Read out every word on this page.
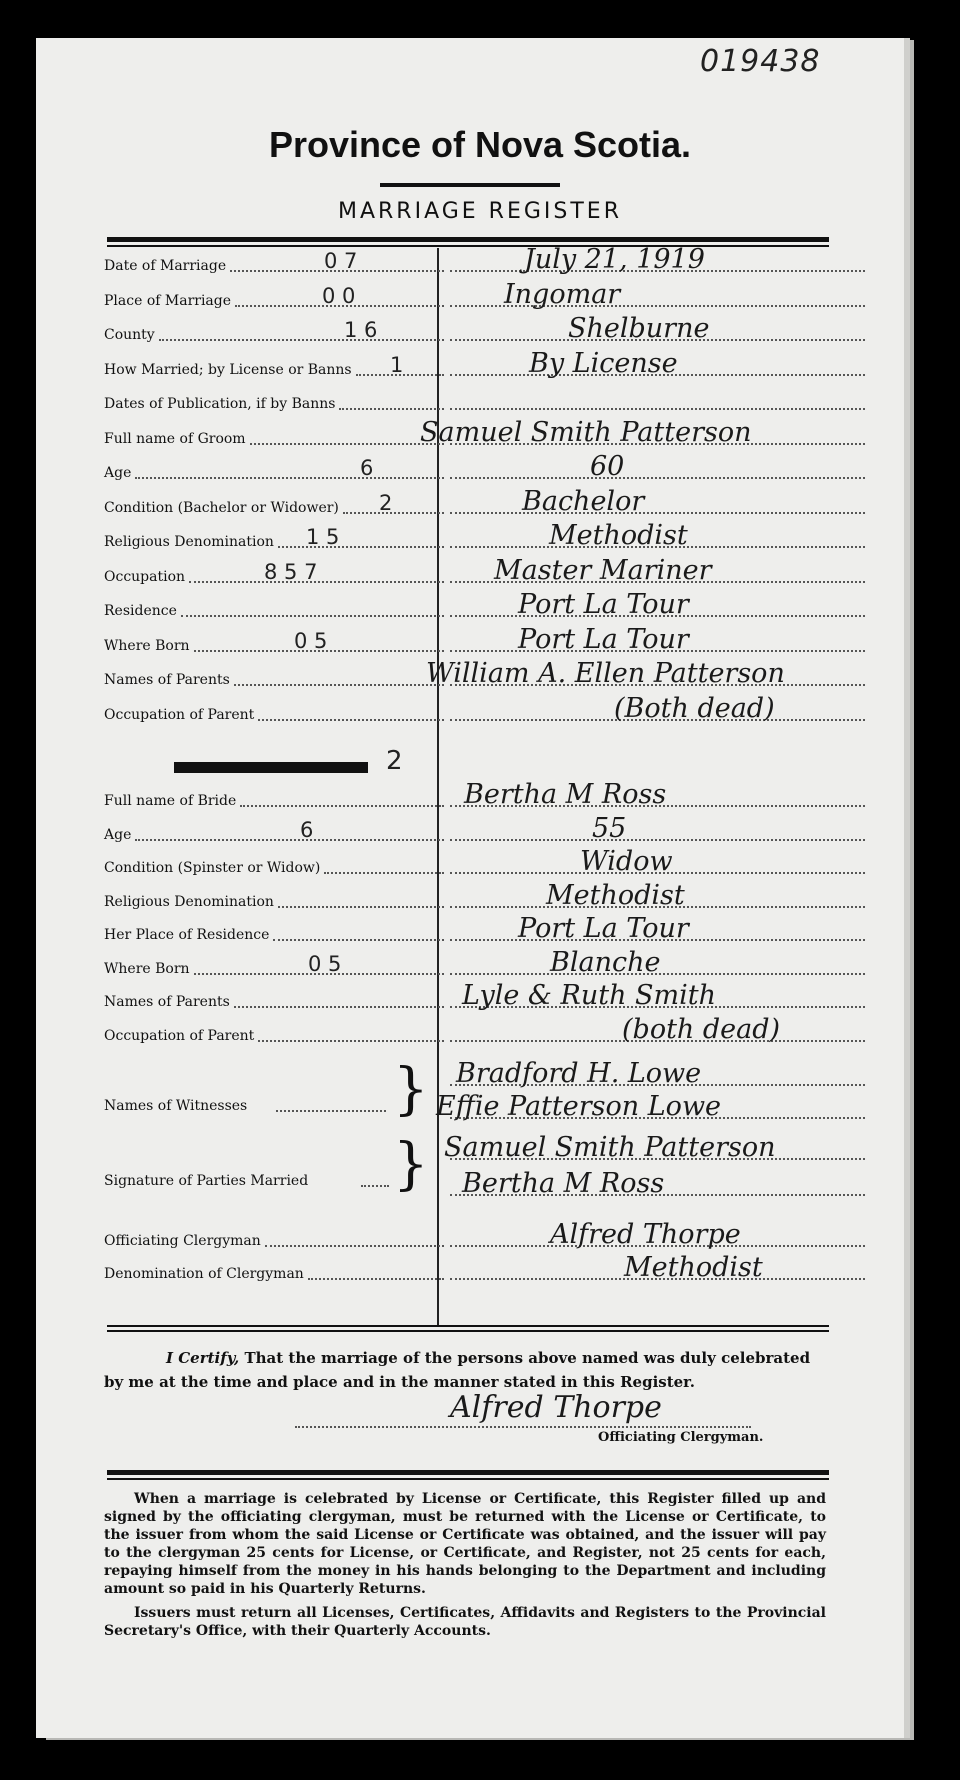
019438
Province of Nova Scotia.
MARRIAGE REGISTER
Date of Marriage	0 7	July 21, 1919
Place of Marriage	0 0	Ingomar
County	1 6	Shelburne
How Married; by License or Banns 1	By License
Dates of Publication, if by Banns
Full name of Groom	Samuel Smith Patterson
Age	6	60
Condition (Bachelor or Widower) 2	Bachelor
Religious Denomination 1 5	Methodist
Occupation	8 5 7	Master Mariner
Residence	Port La Tour
Where Born	0 5	Port La Tour
Names of Parents	William A. Ellen Patterson
Occupation of Parent	(Both dead)
2
Full name of Bride	Bertha M Ross
Age	6	55
Condition (Spinster or Widow)	Widow
Religious Denomination	Methodist
Her Place of Residence	Port La Tour
Where Born	0 5	Blanche
Names of Parents	Lyle & Ruth Smith
Occupation of Parent	(both dead)
Names of Witnesses	} Bradford H. Lowe
Effie Patterson Lowe
Signature of Parties Married } Samuel Smith Patterson
Bertha M Ross
Officiating Clergyman	Alfred Thorpe
Denomination of Clergyman	Methodist
I Certify, That the marriage of the persons above named was duly celebrated by me at the time and place and in the manner stated in this Register.
Alfred Thorpe
Officiating Clergyman.
When a marriage is celebrated by License or Certificate, this Register filled up and signed by the officiating clergyman, must be returned with the License or Certificate, to the issuer from whom the said License or Certificate was obtained, and the issuer will pay to the clergyman 25 cents for License, or Certificate, and Register, not 25 cents for each, repaying himself from the money in his hands belonging to the Department and including amount so paid in his Quarterly Returns.
Issuers must return all Licenses, Certificates, Affidavits and Registers to the Provincial Secretary's Office, with their Quarterly Accounts.
